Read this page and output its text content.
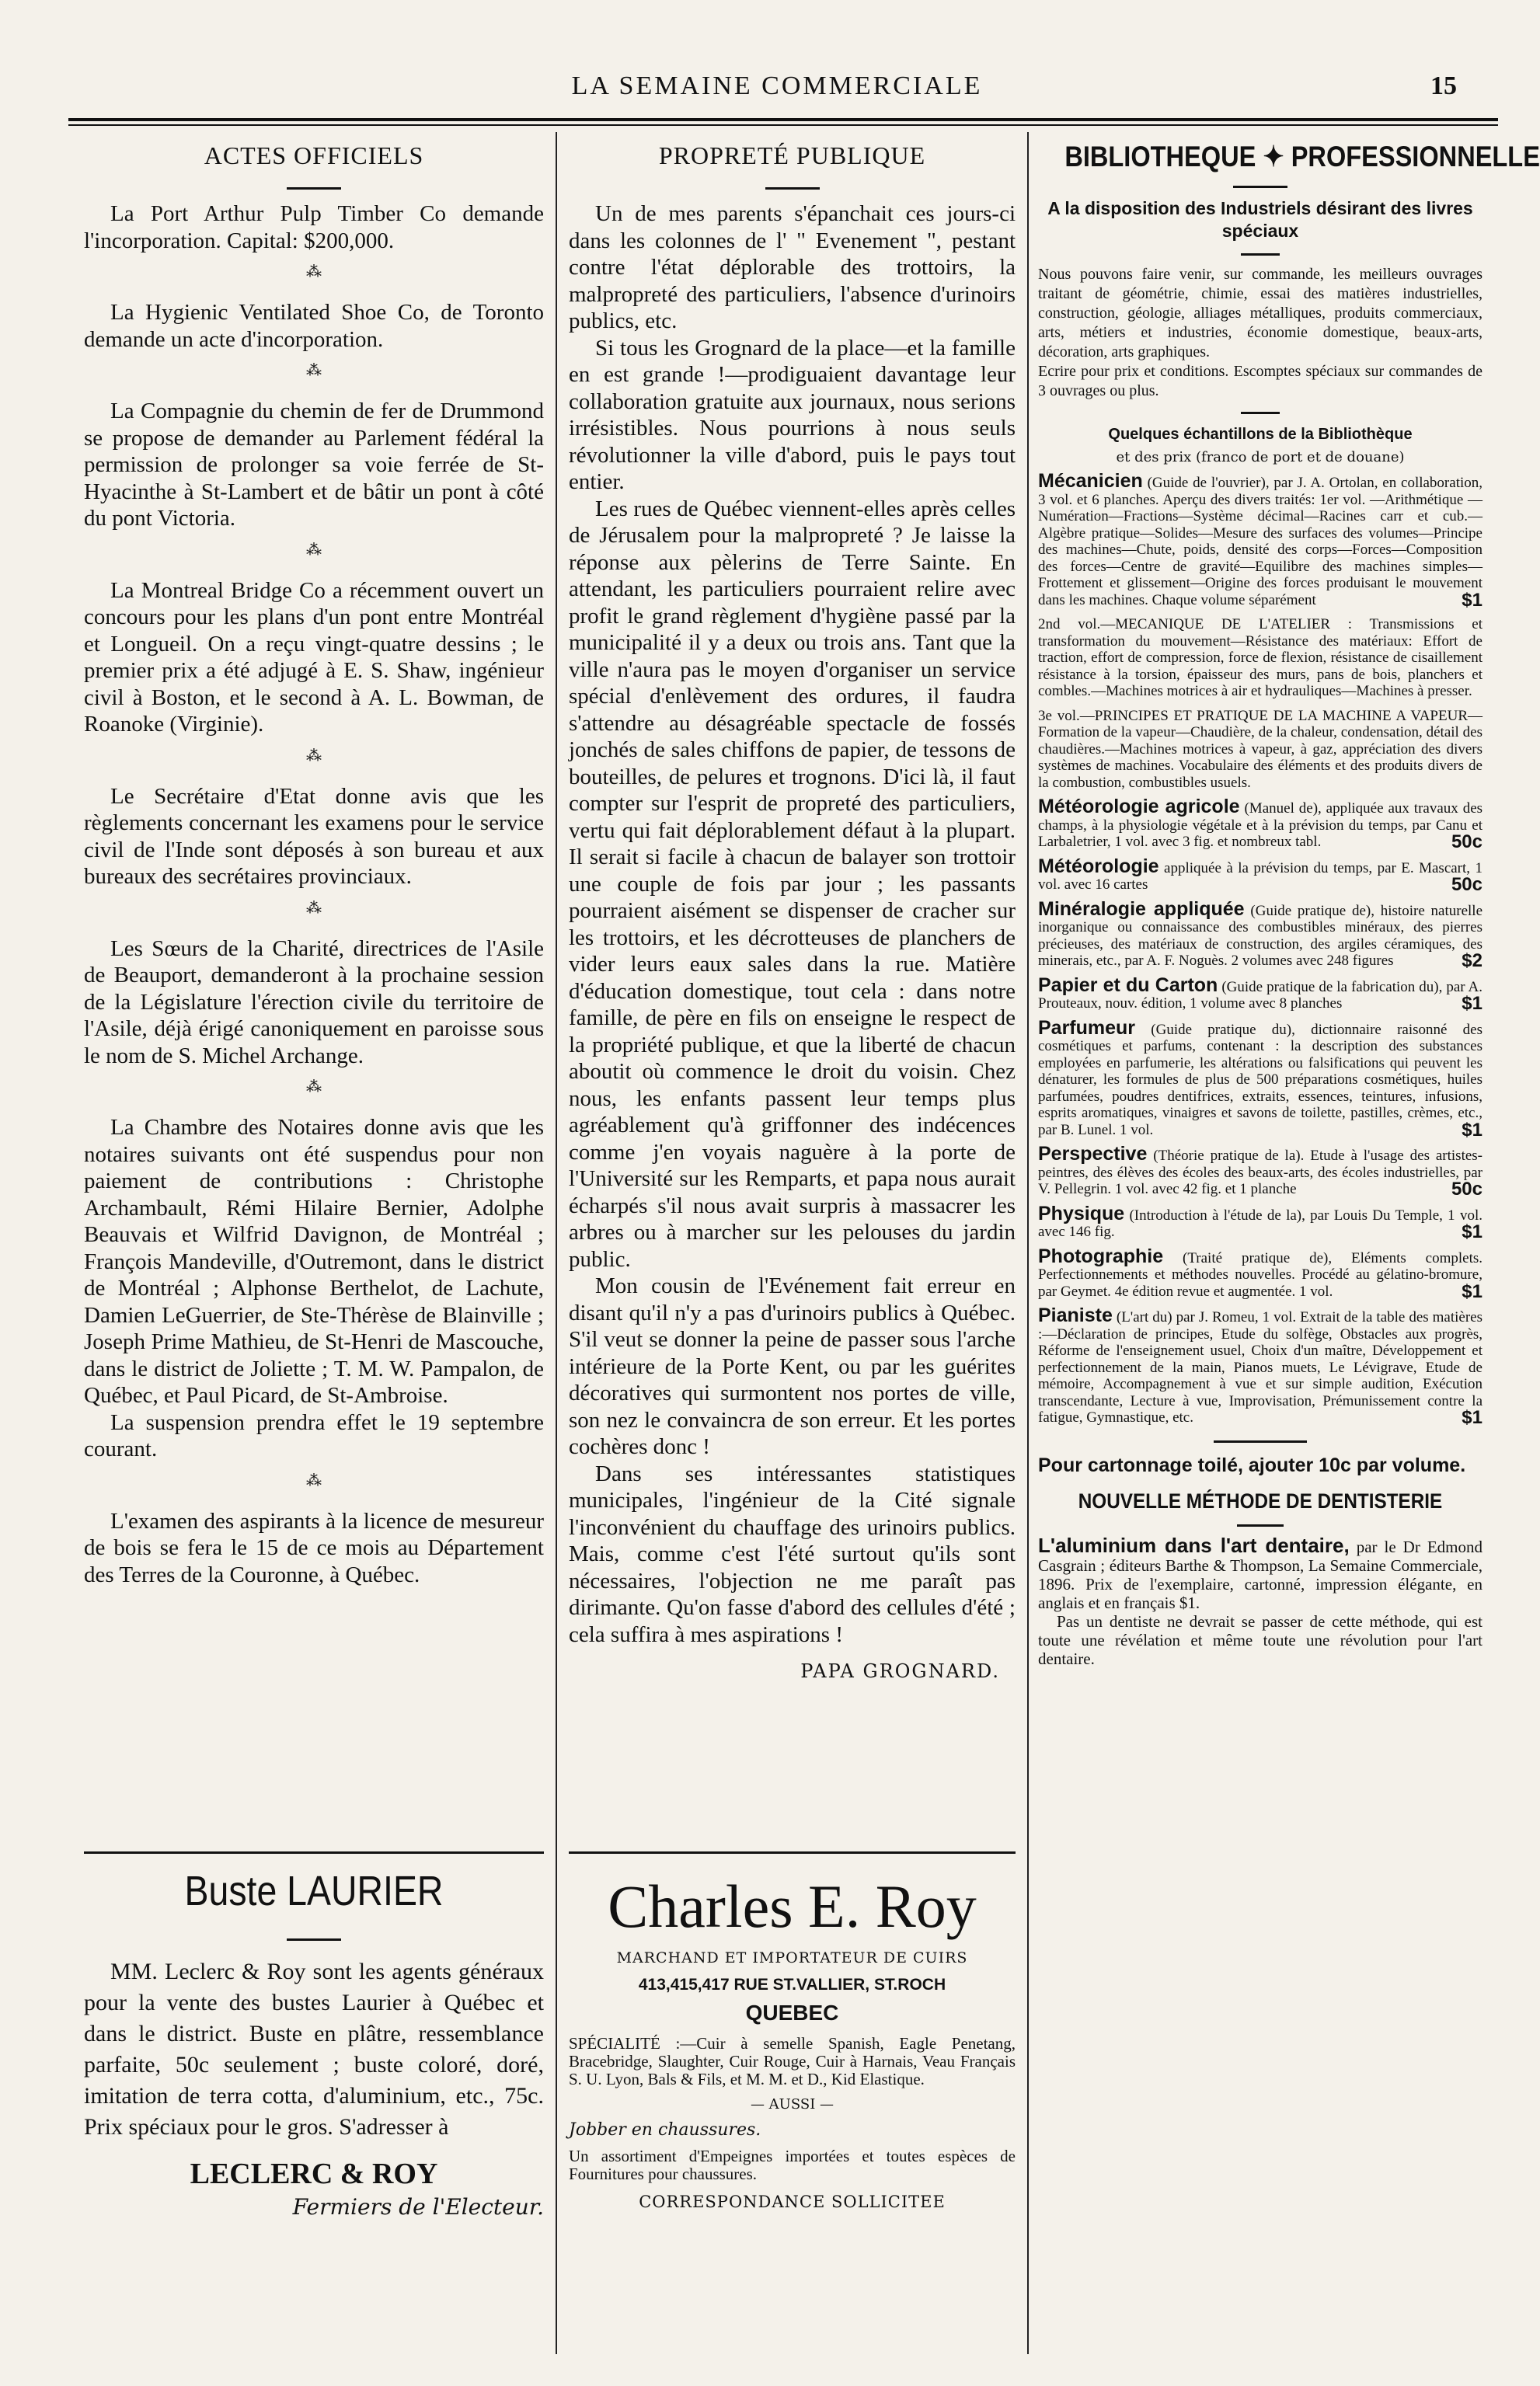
LA SEMAINE COMMERCIALE	15
ACTES OFFICIELS

La Port Arthur Pulp Timber Co demande l'incorporation. Capital: $200,000.

⁂

La Hygienic Ventilated Shoe Co, de Toronto demande un acte d'incorporation.

⁂

La Compagnie du chemin de fer de Drummond se propose de demander au Parlement fédéral la permission de prolonger sa voie ferrée de St-Hyacinthe à St-Lambert et de bâtir un pont à côté du pont Victoria.

⁂

La Montreal Bridge Co a récemment ouvert un concours pour les plans d'un pont entre Montréal et Longueil. On a reçu vingt-quatre dessins ; le premier prix a été adjugé à E. S. Shaw, ingénieur civil à Boston, et le second à A. L. Bowman, de Roanoke (Virginie).

⁂

Le Secrétaire d'Etat donne avis que les règlements concernant les examens pour le service civil de l'Inde sont déposés à son bureau et aux bureaux des secrétaires provinciaux.

⁂

Les Sœurs de la Charité, directrices de l'Asile de Beauport, demanderont à la prochaine session de la Législature l'érection civile du territoire de l'Asile, déjà érigé canoniquement en paroisse sous le nom de S. Michel Archange.

⁂

La Chambre des Notaires donne avis que les notaires suivants ont été suspendus pour non paiement de contributions : Christophe Archambault, Rémi Hilaire Bernier, Adolphe Beauvais et Wilfrid Davignon, de Montréal ; François Mandeville, d'Outremont, dans le district de Montréal ; Alphonse Berthelot, de Lachute, Damien LeGuerrier, de Ste-Thérèse de Blainville ; Joseph Prime Mathieu, de St-Henri de Mascouche, dans le district de Joliette ; T. M. W. Pampalon, de Québec, et Paul Picard, de St-Ambroise.

La suspension prendra effet le 19 septembre courant.

⁂

L'examen des aspirants à la licence de mesureur de bois se fera le 15 de ce mois au Département des Terres de la Couronne, à Québec.

Buste LAURIER

MM. Leclerc & Roy sont les agents généraux pour la vente des bustes Laurier à Québec et dans le district. Buste en plâtre, ressemblance parfaite, 50c seulement ; buste coloré, doré, imitation de terra cotta, d'aluminium, etc., 75c. Prix spéciaux pour le gros. S'adresser à

LECLERC & ROY
Fermiers de l'Electeur.
PROPRETÉ PUBLIQUE

Un de mes parents s'épanchait ces jours-ci dans les colonnes de l' " Evenement ", pestant contre l'état déplorable des trottoirs, la malpropreté des particuliers, l'absence d'urinoirs publics, etc.

Si tous les Grognard de la place—et la famille en est grande !—prodiguaient davantage leur collaboration gratuite aux journaux, nous serions irrésistibles. Nous pourrions à nous seuls révolutionner la ville d'abord, puis le pays tout entier.

Les rues de Québec viennent-elles après celles de Jérusalem pour la malpropreté ? Je laisse la réponse aux pèlerins de Terre Sainte. En attendant, les particuliers pourraient relire avec profit le grand règlement d'hygiène passé par la municipalité il y a deux ou trois ans. Tant que la ville n'aura pas le moyen d'organiser un service spécial d'enlèvement des ordures, il faudra s'attendre au désagréable spectacle de fossés jonchés de sales chiffons de papier, de tessons de bouteilles, de pelures et trognons. D'ici là, il faut compter sur l'esprit de propreté des particuliers, vertu qui fait déplorablement défaut à la plupart. Il serait si facile à chacun de balayer son trottoir une couple de fois par jour ; les passants pourraient aisément se dispenser de cracher sur les trottoirs, et les décrotteuses de planchers de vider leurs eaux sales dans la rue. Matière d'éducation domestique, tout cela : dans notre famille, de père en fils on enseigne le respect de la propriété publique, et que la liberté de chacun aboutit où commence le droit du voisin. Chez nous, les enfants passent leur temps plus agréablement qu'à griffonner des indécences comme j'en voyais naguère à la porte de l'Université sur les Remparts, et papa nous aurait écharpés s'il nous avait surpris à massacrer les arbres ou à marcher sur les pelouses du jardin public.

Mon cousin de l'Evénement fait erreur en disant qu'il n'y a pas d'urinoirs publics à Québec. S'il veut se donner la peine de passer sous l'arche intérieure de la Porte Kent, ou par les guérites décoratives qui surmontent nos portes de ville, son nez le convaincra de son erreur. Et les portes cochères donc !

Dans ses intéressantes statistiques municipales, l'ingénieur de la Cité signale l'inconvénient du chauffage des urinoirs publics. Mais, comme c'est l'été surtout qu'ils sont nécessaires, l'objection ne me paraît pas dirimante. Qu'on fasse d'abord des cellules d'été ; cela suffira à mes aspirations !

PAPA GROGNARD.
Charles E. Roy
MARCHAND ET IMPORTATEUR DE CUIRS
413,415,417 RUE ST.VALLIER, ST.ROCH
QUEBEC

SPÉCIALITÉ :—Cuir à semelle Spanish, Eagle Penetang, Bracebridge, Slaughter, Cuir Rouge, Cuir à Harnais, Veau Français S. U. Lyon, Bals & Fils, et M. M. et D., Kid Elastique.

— AUSSI —
Jobber en chaussures.

Un assortiment d'Empeignes importées et toutes espèces de Fournitures pour chaussures.

CORRESPONDANCE SOLLICITEE
BIBLIOTHEQUE ✦ PROFESSIONNELLE
A la disposition des Industriels désirant des livres spéciaux

Nous pouvons faire venir, sur commande, les meilleurs ouvrages traitant de géométrie, chimie, essai des matières industrielles, construction, géologie, alliages métalliques, produits commerciaux, arts, métiers et industries, économie domestique, beaux-arts, décoration, arts graphiques.

Ecrire pour prix et conditions. Escomptes spéciaux sur commandes de 3 ouvrages ou plus.

Quelques échantillons de la Bibliothèque
et des prix (franco de port et de douane)

Mécanicien (Guide de l'ouvrier), par J. A. Ortolan, en collaboration, 3 vol. et 6 planches. Aperçu des divers traités: 1er vol. —Arithmétique —Numération—Fractions—Système décimal—Racines carr et cub.—Algèbre pratique—Solides—Mesure des surfaces des volumes—Principe des machines—Chute, poids, densité des corps—Forces—Composition des forces—Centre de gravité—Equilibre des machines simples—Frottement et glissement—Origine des forces produisant le mouvement dans les machines. Chaque volume séparément	$1

2nd vol.—MECANIQUE DE L'ATELIER : Transmissions et transformation du mouvement—Résistance des matériaux: Effort de traction, effort de compression, force de flexion, résistance de cisaillement résistance à la torsion, épaisseur des murs, pans de bois, planchers et combles.—Machines motrices à air et hydrauliques—Machines à presser.

3e vol.—PRINCIPES ET PRATIQUE DE LA MACHINE A VAPEUR—Formation de la vapeur—Chaudière, de la chaleur, condensation, détail des chaudières.—Machines motrices à vapeur, à gaz, appréciation des divers systèmes de machines. Vocabulaire des éléments et des produits divers de la combustion, combustibles usuels.

Météorologie agricole (Manuel de), appliquée aux travaux des champs, à la physiologie végétale et à la prévision du temps, par Canu et Larbaletrier, 1 vol. avec 3 fig. et nombreux tabl.	50c

Météorologie appliquée à la prévision du temps, par E. Mascart, 1 vol. avec 16 cartes	50c

Minéralogie appliquée (Guide pratique de), histoire naturelle inorganique ou connaissance des combustibles minéraux, des pierres précieuses, des matériaux de construction, des argiles céramiques, des minerais, etc., par A. F. Noguès. 2 volumes avec 248 figures	$2

Papier et du Carton (Guide pratique de la fabrication du), par A. Prouteaux, nouv. édition, 1 volume avec 8 planches	$1

Parfumeur (Guide pratique du), dictionnaire raisonné des cosmétiques et parfums, contenant : la description des substances employées en parfumerie, les altérations ou falsifications qui peuvent les dénaturer, les formules de plus de 500 préparations cosmétiques, huiles parfumées, poudres dentifrices, extraits, essences, teintures, infusions, esprits aromatiques, vinaigres et savons de toilette, pastilles, crèmes, etc., par B. Lunel. 1 vol.	$1

Perspective (Théorie pratique de la). Etude à l'usage des artistes-peintres, des élèves des écoles des beaux-arts, des écoles industrielles, par V. Pellegrin. 1 vol. avec 42 fig. et 1 planche	50c

Physique (Introduction à l'étude de la), par Louis Du Temple, 1 vol. avec 146 fig.	$1

Photographie (Traité pratique de), Eléments complets. Perfectionnements et méthodes nouvelles. Procédé au gélatino-bromure, par Geymet. 4e édition revue et augmentée. 1 vol.	$1

Pianiste (L'art du) par J. Romeu, 1 vol. Extrait de la table des matières :—Déclaration de principes, Etude du solfège, Obstacles aux progrès, Réforme de l'enseignement usuel, Choix d'un maître, Développement et perfectionnement de la main, Pianos muets, Le Lévigrave, Etude de mémoire, Accompagnement à vue et sur simple audition, Exécution transcendante, Lecture à vue, Improvisation, Prémunissement contre la fatigue, Gymnastique, etc.	$1

Pour cartonnage toilé, ajouter 10c par volume.
NOUVELLE MÉTHODE DE DENTISTERIE

L'aluminium dans l'art dentaire, par le Dr Edmond Casgrain ; éditeurs Barthe & Thompson, La Semaine Commerciale, 1896. Prix de l'exemplaire, cartonné, impression élégante, en anglais et en français $1.

Pas un dentiste ne devrait se passer de cette méthode, qui est toute une révélation et même toute une révolution pour l'art dentaire.
